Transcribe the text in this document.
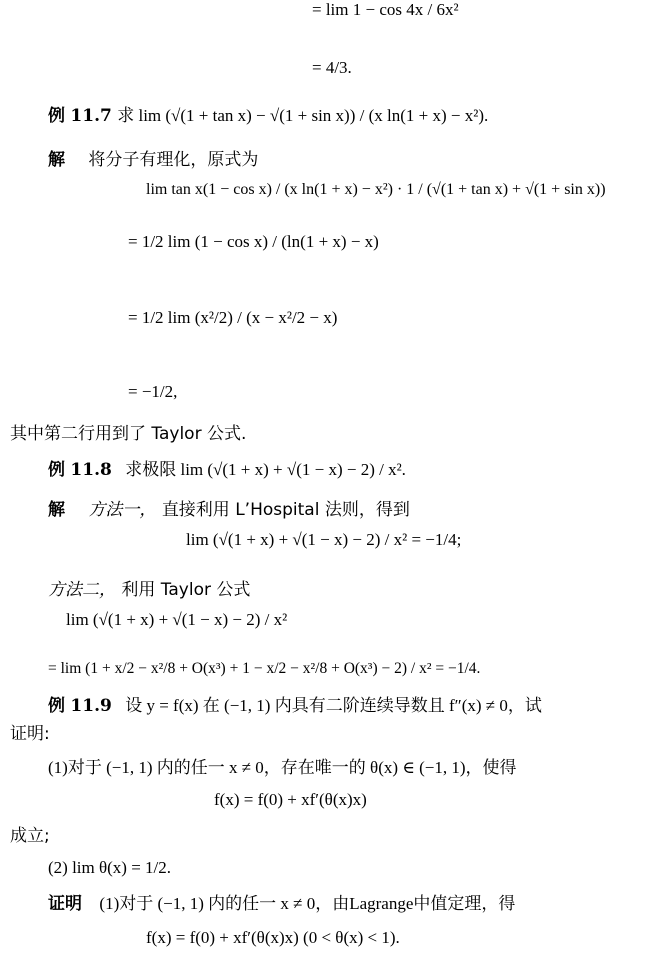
= lim 1 − cos 4x / 6x²
= 4/3.
例 11.7 求 lim (√(1 + tan x) − √(1 + sin x)) / (x ln(1 + x) − x²).
解 将分子有理化，原式为
lim tan x(1 − cos x) / (x ln(1 + x) − x²) · 1 / (√(1 + tan x) + √(1 + sin x))
= 1/2 lim (1 − cos x) / (ln(1 + x) − x)
= 1/2 lim (x²/2) / (x − x²/2 − x)
= −1/2,
其中第二行用到了 Taylor 公式.
例 11.8 求极限 lim (√(1 + x) + √(1 − x) − 2) / x².
解 方法一， 直接利用 L’Hospital 法则，得到
lim (√(1 + x) + √(1 − x) − 2) / x² = −1/4;
方法二， 利用 Taylor 公式
lim (√(1 + x) + √(1 − x) − 2) / x²
= lim (1 + x/2 − x²/8 + O(x³) + 1 − x/2 − x²/8 + O(x³) − 2) / x² = −1/4.
例 11.9 设 y = f(x) 在 (−1, 1) 内具有二阶连续导数且 f″(x) ≠ 0，试
证明:
(1)对于 (−1, 1) 内的任一 x ≠ 0，存在唯一的 θ(x) ∈ (−1, 1)，使得
f(x) = f(0) + xf′(θ(x)x)
成立;
(2) lim θ(x) = 1/2.
证明 (1)对于 (−1, 1) 内的任一 x ≠ 0，由Lagrange中值定理，得
f(x) = f(0) + xf′(θ(x)x) (0 < θ(x) < 1).
